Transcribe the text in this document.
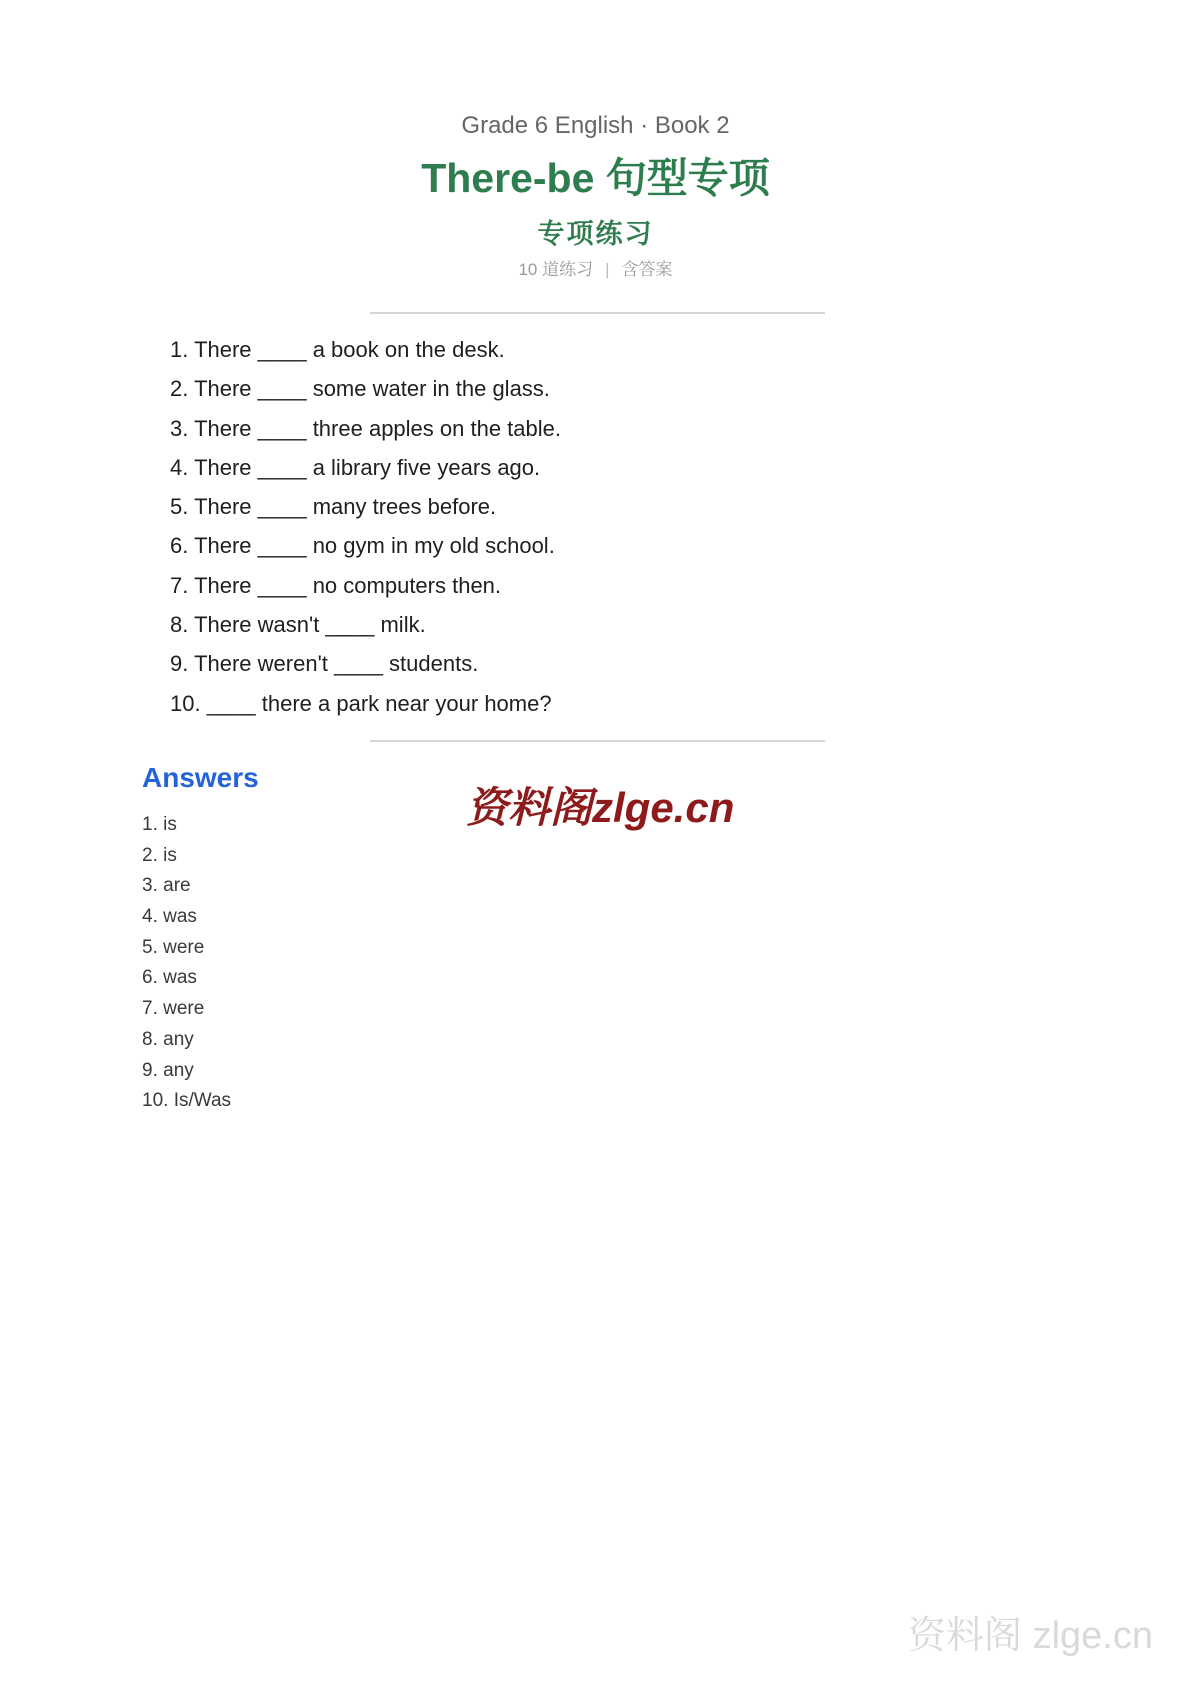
Grade 6 English · Book 2
There-be 句型专项
专项练习
10 道练习 | 含答案
1. There ____ a book on the desk.
2. There ____ some water in the glass.
3. There ____ three apples on the table.
4. There ____ a library five years ago.
5. There ____ many trees before.
6. There ____ no gym in my old school.
7. There ____ no computers then.
8. There wasn't ____ milk.
9. There weren't ____ students.
10. ____ there a park near your home?
Answers
1. is
2. is
3. are
4. was
5. were
6. was
7. were
8. any
9. any
10. Is/Was
资料阁zlge.cn
资料阁 zlge.cn
